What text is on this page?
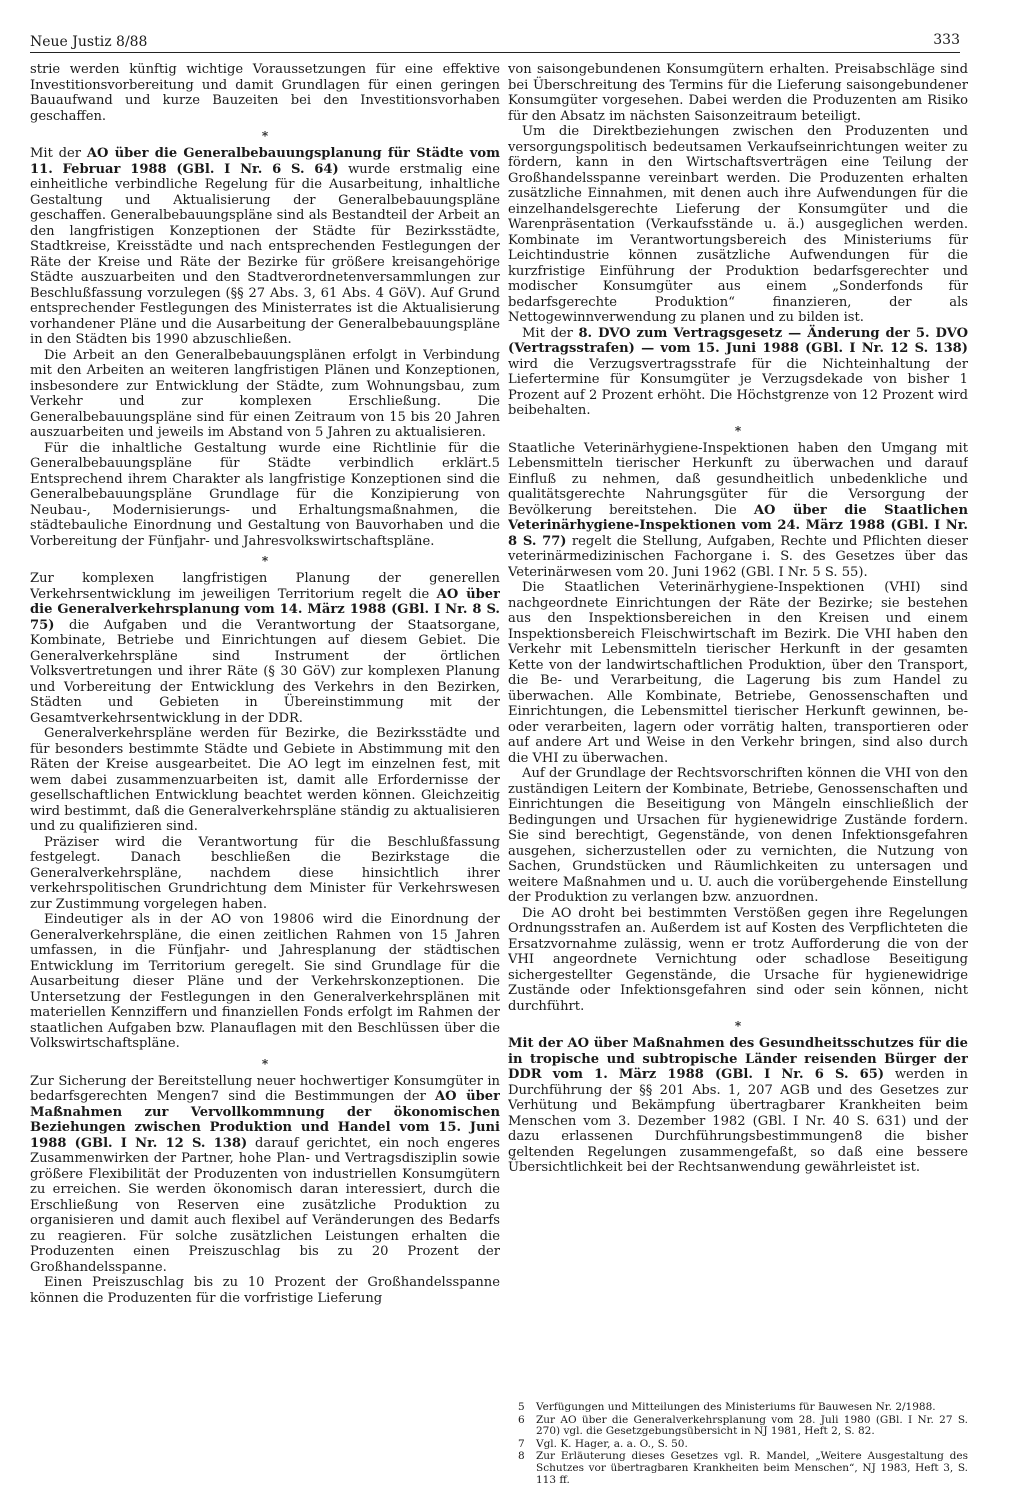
Neue Justiz 8/88	333

strie werden künftig wichtige Voraussetzungen für eine effektive Investitionsvorbereitung und damit Grundlagen für einen geringen Bauaufwand und kurze Bauzeiten bei den Investitionsvorhaben geschaffen.

*

Mit der AO über die Generalbebauungsplanung für Städte vom 11. Februar 1988 (GBl. I Nr. 6 S. 64) wurde erstmalig eine einheitliche verbindliche Regelung für die Ausarbeitung, inhaltliche Gestaltung und Aktualisierung der Generalbebauungspläne geschaffen. Generalbebauungspläne sind als Bestandteil der Arbeit an den langfristigen Konzeptionen der Städte für Bezirksstädte, Stadtkreise, Kreisstädte und nach entsprechenden Festlegungen der Räte der Kreise und Räte der Bezirke für größere kreisangehörige Städte auszuarbeiten und den Stadtverordnetenversammlungen zur Beschlußfassung vorzulegen (§§ 27 Abs. 3, 61 Abs. 4 GöV). Auf Grund entsprechender Festlegungen des Ministerrates ist die Aktualisierung vorhandener Pläne und die Ausarbeitung der Generalbebauungspläne in den Städten bis 1990 abzuschließen.

Die Arbeit an den Generalbebauungsplänen erfolgt in Verbindung mit den Arbeiten an weiteren langfristigen Plänen und Konzeptionen, insbesondere zur Entwicklung der Städte, zum Wohnungsbau, zum Verkehr und zur komplexen Erschließung. Die Generalbebauungspläne sind für einen Zeitraum von 15 bis 20 Jahren auszuarbeiten und jeweils im Abstand von 5 Jahren zu aktualisieren.

Für die inhaltliche Gestaltung wurde eine Richtlinie für die Generalbebauungspläne für Städte verbindlich erklärt.5 Entsprechend ihrem Charakter als langfristige Konzeptionen sind die Generalbebauungspläne Grundlage für die Konzipierung von Neubau-, Modernisierungs- und Erhaltungsmaßnahmen, die städtebauliche Einordnung und Gestaltung von Bauvorhaben und die Vorbereitung der Fünfjahr- und Jahresvolkswirtschaftspläne.

*

Zur komplexen langfristigen Planung der generellen Verkehrsentwicklung im jeweiligen Territorium regelt die AO über die Generalverkehrsplanung vom 14. März 1988 (GBl. I Nr. 8 S. 75) die Aufgaben und die Verantwortung der Staatsorgane, Kombinate, Betriebe und Einrichtungen auf diesem Gebiet. Die Generalverkehrspläne sind Instrument der örtlichen Volksvertretungen und ihrer Räte (§ 30 GöV) zur komplexen Planung und Vorbereitung der Entwicklung des Verkehrs in den Bezirken, Städten und Gebieten in Übereinstimmung mit der Gesamtverkehrsentwicklung in der DDR.

Generalverkehrspläne werden für Bezirke, die Bezirksstädte und für besonders bestimmte Städte und Gebiete in Abstimmung mit den Räten der Kreise ausgearbeitet. Die AO legt im einzelnen fest, mit wem dabei zusammenzuarbeiten ist, damit alle Erfordernisse der gesellschaftlichen Entwicklung beachtet werden können. Gleichzeitig wird bestimmt, daß die Generalverkehrspläne ständig zu aktualisieren und zu qualifizieren sind.

Präziser wird die Verantwortung für die Beschlußfassung festgelegt. Danach beschließen die Bezirkstage die Generalverkehrspläne, nachdem diese hinsichtlich ihrer verkehrspolitischen Grundrichtung dem Minister für Verkehrswesen zur Zustimmung vorgelegen haben.

Eindeutiger als in der AO von 19806 wird die Einordnung der Generalverkehrspläne, die einen zeitlichen Rahmen von 15 Jahren umfassen, in die Fünfjahr- und Jahresplanung der städtischen Entwicklung im Territorium geregelt. Sie sind Grundlage für die Ausarbeitung dieser Pläne und der Verkehrskonzeptionen. Die Untersetzung der Festlegungen in den Generalverkehrsplänen mit materiellen Kennziffern und finanziellen Fonds erfolgt im Rahmen der staatlichen Aufgaben bzw. Planauflagen mit den Beschlüssen über die Volkswirtschaftspläne.

*

Zur Sicherung der Bereitstellung neuer hochwertiger Konsumgüter in bedarfsgerechten Mengen7 sind die Bestimmungen der AO über Maßnahmen zur Vervollkommnung der ökonomischen Beziehungen zwischen Produktion und Handel vom 15. Juni 1988 (GBl. I Nr. 12 S. 138) darauf gerichtet, ein noch engeres Zusammenwirken der Partner, hohe Plan- und Vertragsdisziplin sowie größere Flexibilität der Produzenten von industriellen Konsumgütern zu erreichen. Sie werden ökonomisch daran interessiert, durch die Erschließung von Reserven eine zusätzliche Produktion zu organisieren und damit auch flexibel auf Veränderungen des Bedarfs zu reagieren. Für solche zusätzlichen Leistungen erhalten die Produzenten einen Preiszuschlag bis zu 20 Prozent der Großhandelsspanne.

Einen Preiszuschlag bis zu 10 Prozent der Großhandelsspanne können die Produzenten für die vorfristige Lieferung

von saisongebundenen Konsumgütern erhalten. Preisabschläge sind bei Überschreitung des Termins für die Lieferung saisongebundener Konsumgüter vorgesehen. Dabei werden die Produzenten am Risiko für den Absatz im nächsten Saisonzeitraum beteiligt.

Um die Direktbeziehungen zwischen den Produzenten und versorgungspolitisch bedeutsamen Verkaufseinrichtungen weiter zu fördern, kann in den Wirtschaftsverträgen eine Teilung der Großhandelsspanne vereinbart werden. Die Produzenten erhalten zusätzliche Einnahmen, mit denen auch ihre Aufwendungen für die einzelhandelsgerechte Lieferung der Konsumgüter und die Warenpräsentation (Verkaufsstände u. ä.) ausgeglichen werden. Kombinate im Verantwortungsbereich des Ministeriums für Leichtindustrie können zusätzliche Aufwendungen für die kurzfristige Einführung der Produktion bedarfsgerechter und modischer Konsumgüter aus einem „Sonderfonds für bedarfsgerechte Produktion“ finanzieren, der als Nettogewinnverwendung zu planen und zu bilden ist.

Mit der 8. DVO zum Vertragsgesetz — Änderung der 5. DVO (Vertragsstrafen) — vom 15. Juni 1988 (GBl. I Nr. 12 S. 138) wird die Verzugsvertragsstrafe für die Nichteinhaltung der Liefertermine für Konsumgüter je Verzugsdekade von bisher 1 Prozent auf 2 Prozent erhöht. Die Höchstgrenze von 12 Prozent wird beibehalten.

*

Staatliche Veterinärhygiene-Inspektionen haben den Umgang mit Lebensmitteln tierischer Herkunft zu überwachen und darauf Einfluß zu nehmen, daß gesundheitlich unbedenkliche und qualitätsgerechte Nahrungsgüter für die Versorgung der Bevölkerung bereitstehen. Die AO über die Staatlichen Veterinärhygiene-Inspektionen vom 24. März 1988 (GBl. I Nr. 8 S. 77) regelt die Stellung, Aufgaben, Rechte und Pflichten dieser veterinärmedizinischen Fachorgane i. S. des Gesetzes über das Veterinärwesen vom 20. Juni 1962 (GBl. I Nr. 5 S. 55).

Die Staatlichen Veterinärhygiene-Inspektionen (VHI) sind nachgeordnete Einrichtungen der Räte der Bezirke; sie bestehen aus den Inspektionsbereichen in den Kreisen und einem Inspektionsbereich Fleischwirtschaft im Bezirk. Die VHI haben den Verkehr mit Lebensmitteln tierischer Herkunft in der gesamten Kette von der landwirtschaftlichen Produktion, über den Transport, die Be- und Verarbeitung, die Lagerung bis zum Handel zu überwachen. Alle Kombinate, Betriebe, Genossenschaften und Einrichtungen, die Lebensmittel tierischer Herkunft gewinnen, be- oder verarbeiten, lagern oder vorrätig halten, transportieren oder auf andere Art und Weise in den Verkehr bringen, sind also durch die VHI zu überwachen.

Auf der Grundlage der Rechtsvorschriften können die VHI von den zuständigen Leitern der Kombinate, Betriebe, Genossenschaften und Einrichtungen die Beseitigung von Mängeln einschließlich der Bedingungen und Ursachen für hygienewidrige Zustände fordern. Sie sind berechtigt, Gegenstände, von denen Infektionsgefahren ausgehen, sicherzustellen oder zu vernichten, die Nutzung von Sachen, Grundstücken und Räumlichkeiten zu untersagen und weitere Maßnahmen und u. U. auch die vorübergehende Einstellung der Produktion zu verlangen bzw. anzuordnen.

Die AO droht bei bestimmten Verstößen gegen ihre Regelungen Ordnungsstrafen an. Außerdem ist auf Kosten des Verpflichteten die Ersatzvornahme zulässig, wenn er trotz Aufforderung die von der VHI angeordnete Vernichtung oder schadlose Beseitigung sichergestellter Gegenstände, die Ursache für hygienewidrige Zustände oder Infektionsgefahren sind oder sein können, nicht durchführt.

*

Mit der AO über Maßnahmen des Gesundheitsschutzes für die in tropische und subtropische Länder reisenden Bürger der DDR vom 1. März 1988 (GBl. I Nr. 6 S. 65) werden in Durchführung der §§ 201 Abs. 1, 207 AGB und des Gesetzes zur Verhütung und Bekämpfung übertragbarer Krankheiten beim Menschen vom 3. Dezember 1982 (GBl. I Nr. 40 S. 631) und der dazu erlassenen Durchführungsbestimmungen8 die bisher geltenden Regelungen zusammengefaßt, so daß eine bessere Übersichtlichkeit bei der Rechtsanwendung gewährleistet ist.

5	Verfügungen und Mitteilungen des Ministeriums für Bauwesen Nr. 2/1988.
6	Zur AO über die Generalverkehrsplanung vom 28. Juli 1980 (GBl. I Nr. 27 S. 270) vgl. die Gesetzgebungsübersicht in NJ 1981, Heft 2, S. 82.
7	Vgl. K. Hager, a. a. O., S. 50.
8	Zur Erläuterung dieses Gesetzes vgl. R. Mandel, „Weitere Ausgestaltung des Schutzes vor übertragbaren Krankheiten beim Menschen“, NJ 1983, Heft 3, S. 113 ff.
